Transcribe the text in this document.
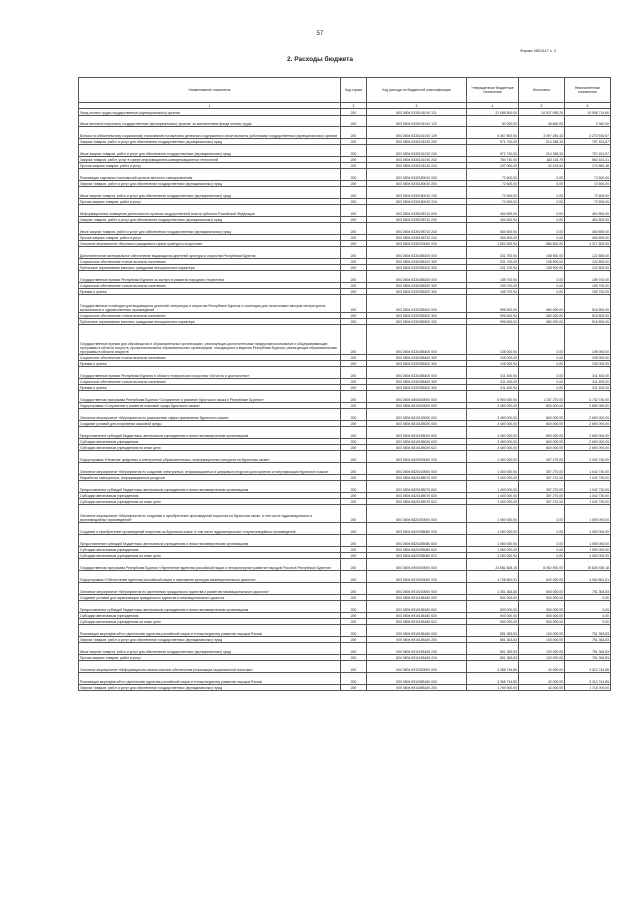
57
Форма 0503117 с. 2
2. Расходы бюджета
Наименование показателя	Код строки	Код расхода по бюджетной классификации	Утвержденные бюджетные назначения	Исполнено	Неисполненные назначения
1	2	3	4	5	6
Фонд оплаты труда государственных (муниципальных) органов	200	803 0804 5330101010 121	21 085 800,00	10 527 085,20	10 558 714,80
Иные выплаты персоналу государственных (муниципальных) органов, за исключением фонда оплаты труда	200	803 0804 5330101010 122	50 000,00	46 660,00	3 340,00
Взносы по обязательному социальному страхованию на выплаты денежного содержания и иные выплаты работникам государственных (муниципальных) органов	200	803 0804 5330101010 129	6 367 800,00	3 097 284,43	3 270 515,57
Закупка товаров, работ и услуг для обеспечения государственных (муниципальных) нужд	200	803 0804 5330101010 200	971 740,00	214 338,33	757 401,67
Иные закупки товаров, работ и услуг для обеспечения государственных (муниципальных) нужд	200	803 0804 5330101010 240	971 740,00	214 338,33	757 401,67
Закупка товаров, работ, услуг в сфере информационно-коммуникационных технологий	200	803 0804 5330101010 242	764 740,00	182 118,79	582 621,21
Прочая закупка товаров, работ и услуг	200	803 0804 5330101010 244	207 000,00	32 419,54	174 580,46
Реализация отдельных полномочий органов местного самоуправления	200	803 0804 5330180010 000	72 600,00	0,00	72 600,00
Закупка товаров, работ и услуг для обеспечения государственных (муниципальных) нужд	200	803 0804 5330180010 200	72 600,00	0,00	72 600,00
Иные закупки товаров, работ и услуг для обеспечения государственных (муниципальных) нужд	200	803 0804 5330180010 240	72 600,00	0,00	72 600,00
Прочая закупка товаров, работ и услуг	200	803 0804 5330180010 244	72 600,00	0,00	72 600,00
Информационное освещение деятельности органов государственной власти субъекта Российской Федерации	200	803 0804 5330198710 000	454 500,00	0,00	454 500,00
Закупка товаров, работ и услуг для обеспечения государственных (муниципальных) нужд	200	803 0804 5330198710 200	454 500,00	0,00	454 500,00
Иные закупки товаров, работ и услуг для обеспечения государственных (муниципальных) нужд	200	803 0804 5330198710 240	454 500,00	0,00	454 500,00
Прочая закупка товаров, работ и услуг	200	803 0804 5330198710 244	454 500,00	0,00	454 500,00
Основное мероприятие «Выплаты гражданам в сфере культуры и искусства»	200	803 0804 5330200000 000	1 804 300,00	586 800,00	1 217 500,00
Дополнительное материальное обеспечение выдающихся деятелей культуры и искусства Республики Бурятия	200	803 0804 5330285100 000	231 700,00	108 900,00	122 800,00
Социальное обеспечение и иные выплаты населению	200	803 0804 5330285100 300	231 700,00	108 900,00	122 800,00
Публичные нормативные выплаты гражданам несоциального характера	200	803 0804 5330285100 330	231 700,00	108 900,00	122 800,00
Государственные премии Республики Бурятия за заслуги в развитии народного творчества	200	803 0804 5330285200 000	159 700,00	0,00	159 700,00
Социальное обеспечение и иные выплаты населению	200	803 0804 5330285200 300	159 700,00	0,00	159 700,00
Премии и гранты	200	803 0804 5330285200 350	159 700,00	0,00	159 700,00
Государственные стипендии для выдающихся деятелей литературы и искусства Республики Бурятия и стипендии для талантливых авторов литературных, музыкальных и художественных произведений	200	803 0804 5330285300 000	996 500,00	480 000,00	516 500,00
Социальное обеспечение и иные выплаты населению	200	803 0804 5330285300 300	996 500,00	480 000,00	516 500,00
Публичные нормативные выплаты гражданам несоциального характера	200	803 0804 5330285300 330	996 500,00	480 000,00	516 500,00
Государственные премии для обучающихся в образовательных организациях, реализующих дополнительные предпрофессиональные и общеразвивающие программы в области искусств, профессиональных образовательных организациях, находящихся в ведении Республики Бурятия, реализующих образовательные программы в области искусств	200	803 0804 5330285400 000	105 000,00	0,00	105 000,00
Социальное обеспечение и иные выплаты населению	200	803 0804 5330285400 300	105 000,00	0,00	105 000,00
Премии и гранты	200	803 0804 5330285400 350	105 000,00	0,00	105 000,00
Государственные премии Республики Бурятия в области театрального искусства «За честь и достоинство»	200	803 0804 5330285400 000	311 400,00	0,00	311 400,00
Социальное обеспечение и иные выплаты населению	200	803 0804 5330285400 300	311 400,00	0,00	311 400,00
Премии и гранты	200	803 0804 5330285400 350	311 400,00	0,00	311 400,00
Государственная программа Республики Бурятия «Сохранение и развитие бурятского языка в Республике Бурятия»	200	803 0804 6800000000 000	5 900 000,00	1 157 270,00	4 742 730,00
Подпрограмма «Сохранение и развитие языковой среды бурятского языка»	200	803 0804 6810000000 000	3 450 000,00	800 000,00	2 650 000,00
Основное мероприятие «Мероприятия по расширению сферы применения бурятского языка»	200	803 0804 6810100000 000	3 450 000,00	800 000,00	2 650 000,00
Создание условий для сохранения языковой среды	200	803 0804 6810185020 000	3 450 000,00	800 000,00	2 650 000,00
Предоставление субсидий бюджетным, автономным учреждениям и иным некоммерческим организациям	200	803 0804 6810185020 600	3 450 000,00	800 000,00	2 650 000,00
Субсидии автономным учреждениям	200	803 0804 6810185020 620	3 450 000,00	800 000,00	2 650 000,00
Субсидии автономным учреждениям на иные цели	200	803 0804 6810185020 622	3 450 000,00	800 000,00	2 650 000,00
Подпрограмма «Развитие цифровых и электронных образовательных, информационных ресурсов на бурятском языке»	200	803 0804 6820000000 000	2 450 000,00	357 270,00	2 092 730,00
Основное мероприятие «Мероприятия по созданию электронных, информационных и цифровых ресурсов для изучения и популяризации бурятского языка»	200	803 0804 6820100000 000	1 400 000,00	357 270,00	1 042 730,00
Разработка электронных, информационных ресурсов	200	803 0804 6820185070 000	1 400 000,00	357 270,00	1 042 730,00
Предоставление субсидий бюджетным, автономным учреждениям и иным некоммерческим организациям	200	803 0804 6820185070 600	1 400 000,00	357 270,00	1 042 730,00
Субсидии автономным учреждениям	200	803 0804 6820185070 620	1 400 000,00	357 270,00	1 042 730,00
Субсидии автономным учреждениям на иные цели	200	803 0804 6820185070 622	1 400 000,00	357 270,00	1 042 730,00
Основное мероприятие «Мероприятия по созданию и приобретению произведений искусства на бурятском языке, в том числе аудиовизуальных и мультимедийных произведений»	200	803 0804 6820200000 000	1 050 000,00	0,00	1 050 000,00
Создание и приобретение произведений искусства на бурятском языке, в том числе аудиовизуальных и мультимедийных произведений	200	803 0804 6820285080 000	1 050 000,00	0,00	1 050 000,00
Предоставление субсидий бюджетным, автономным учреждениям и иным некоммерческим организациям	200	803 0804 6820285080 600	1 050 000,00	0,00	1 050 000,00
Субсидии автономным учреждениям	200	803 0804 6820285080 620	1 050 000,00	0,00	1 050 000,00
Субсидии автономным учреждениям на иные цели	200	803 0804 6820285080 622	1 050 000,00	0,00	1 050 000,00
Государственная программа Республики Бурятия «Укрепление единства российской нации и этнокультурное развитие народов России в Республике Бурятия»	200	803 0804 6900000000 000	23 881 828,18	8 052 900,00	15 828 928,18
Подпрограмма «Обеспечение единства российской нации и повышение культуры межнационального диалога»	200	803 0804 6910000000 000	4 706 861,51	642 000,00	4 064 861,51
Основное мероприятие «Мероприятия по укреплению гражданского единства и развитию межнационального диалога»	200	803 0804 6910100000 000	1 351 363,83	600 000,00	751 363,83
Создание условий для гармонизации гражданского единства и межнационального диалога	200	803 0804 6910185180 000	500 000,00	500 000,00	0,00
Предоставление субсидий бюджетным, автономным учреждениям и иным некоммерческим организациям	200	803 0804 6910185180 600	500 000,00	500 000,00	0,00
Субсидии автономным учреждениям	200	803 0804 6910185180 620	500 000,00	500 000,00	0,00
Субсидии автономным учреждениям на иные цели	200	803 0804 6910185180 622	500 000,00	500 000,00	0,00
Реализация мероприятий по укреплению единства российской нации и этнокультурному развитию народов России	200	000 0804 6910185160 000	851 363,83	100 000,00	751 363,83
Закупка товаров, работ и услуг для обеспечения государственных (муниципальных) нужд	200	000 0804 6910185160 200	851 363,83	100 000,00	751 363,83
Иные закупки товаров, работ и услуг для обеспечения государственных (муниципальных) нужд	200	000 0804 6910185160 240	851 363,83	100 000,00	751 363,83
Прочая закупка товаров, работ и услуг	200	820 0804 6910185160 244	851 363,83	100 000,00	751 363,83
Основное мероприятие «Информационно-аналитическое обеспечение реализации национальной политики»	200	000 0804 6910300000 000	3 355 744,85	42 000,00	3 313 744,85
Реализация мероприятий по укреплению единства российской нации и этнокультурному развитию народов России	200	000 0804 6910385160 000	3 355 744,85	42 000,00	3 313 744,85
Закупка товаров, работ и услуг для обеспечения государственных (муниципальных) нужд	200	000 0804 6910385160 200	1 760 000,00	42 000,00	1 718 000,00
